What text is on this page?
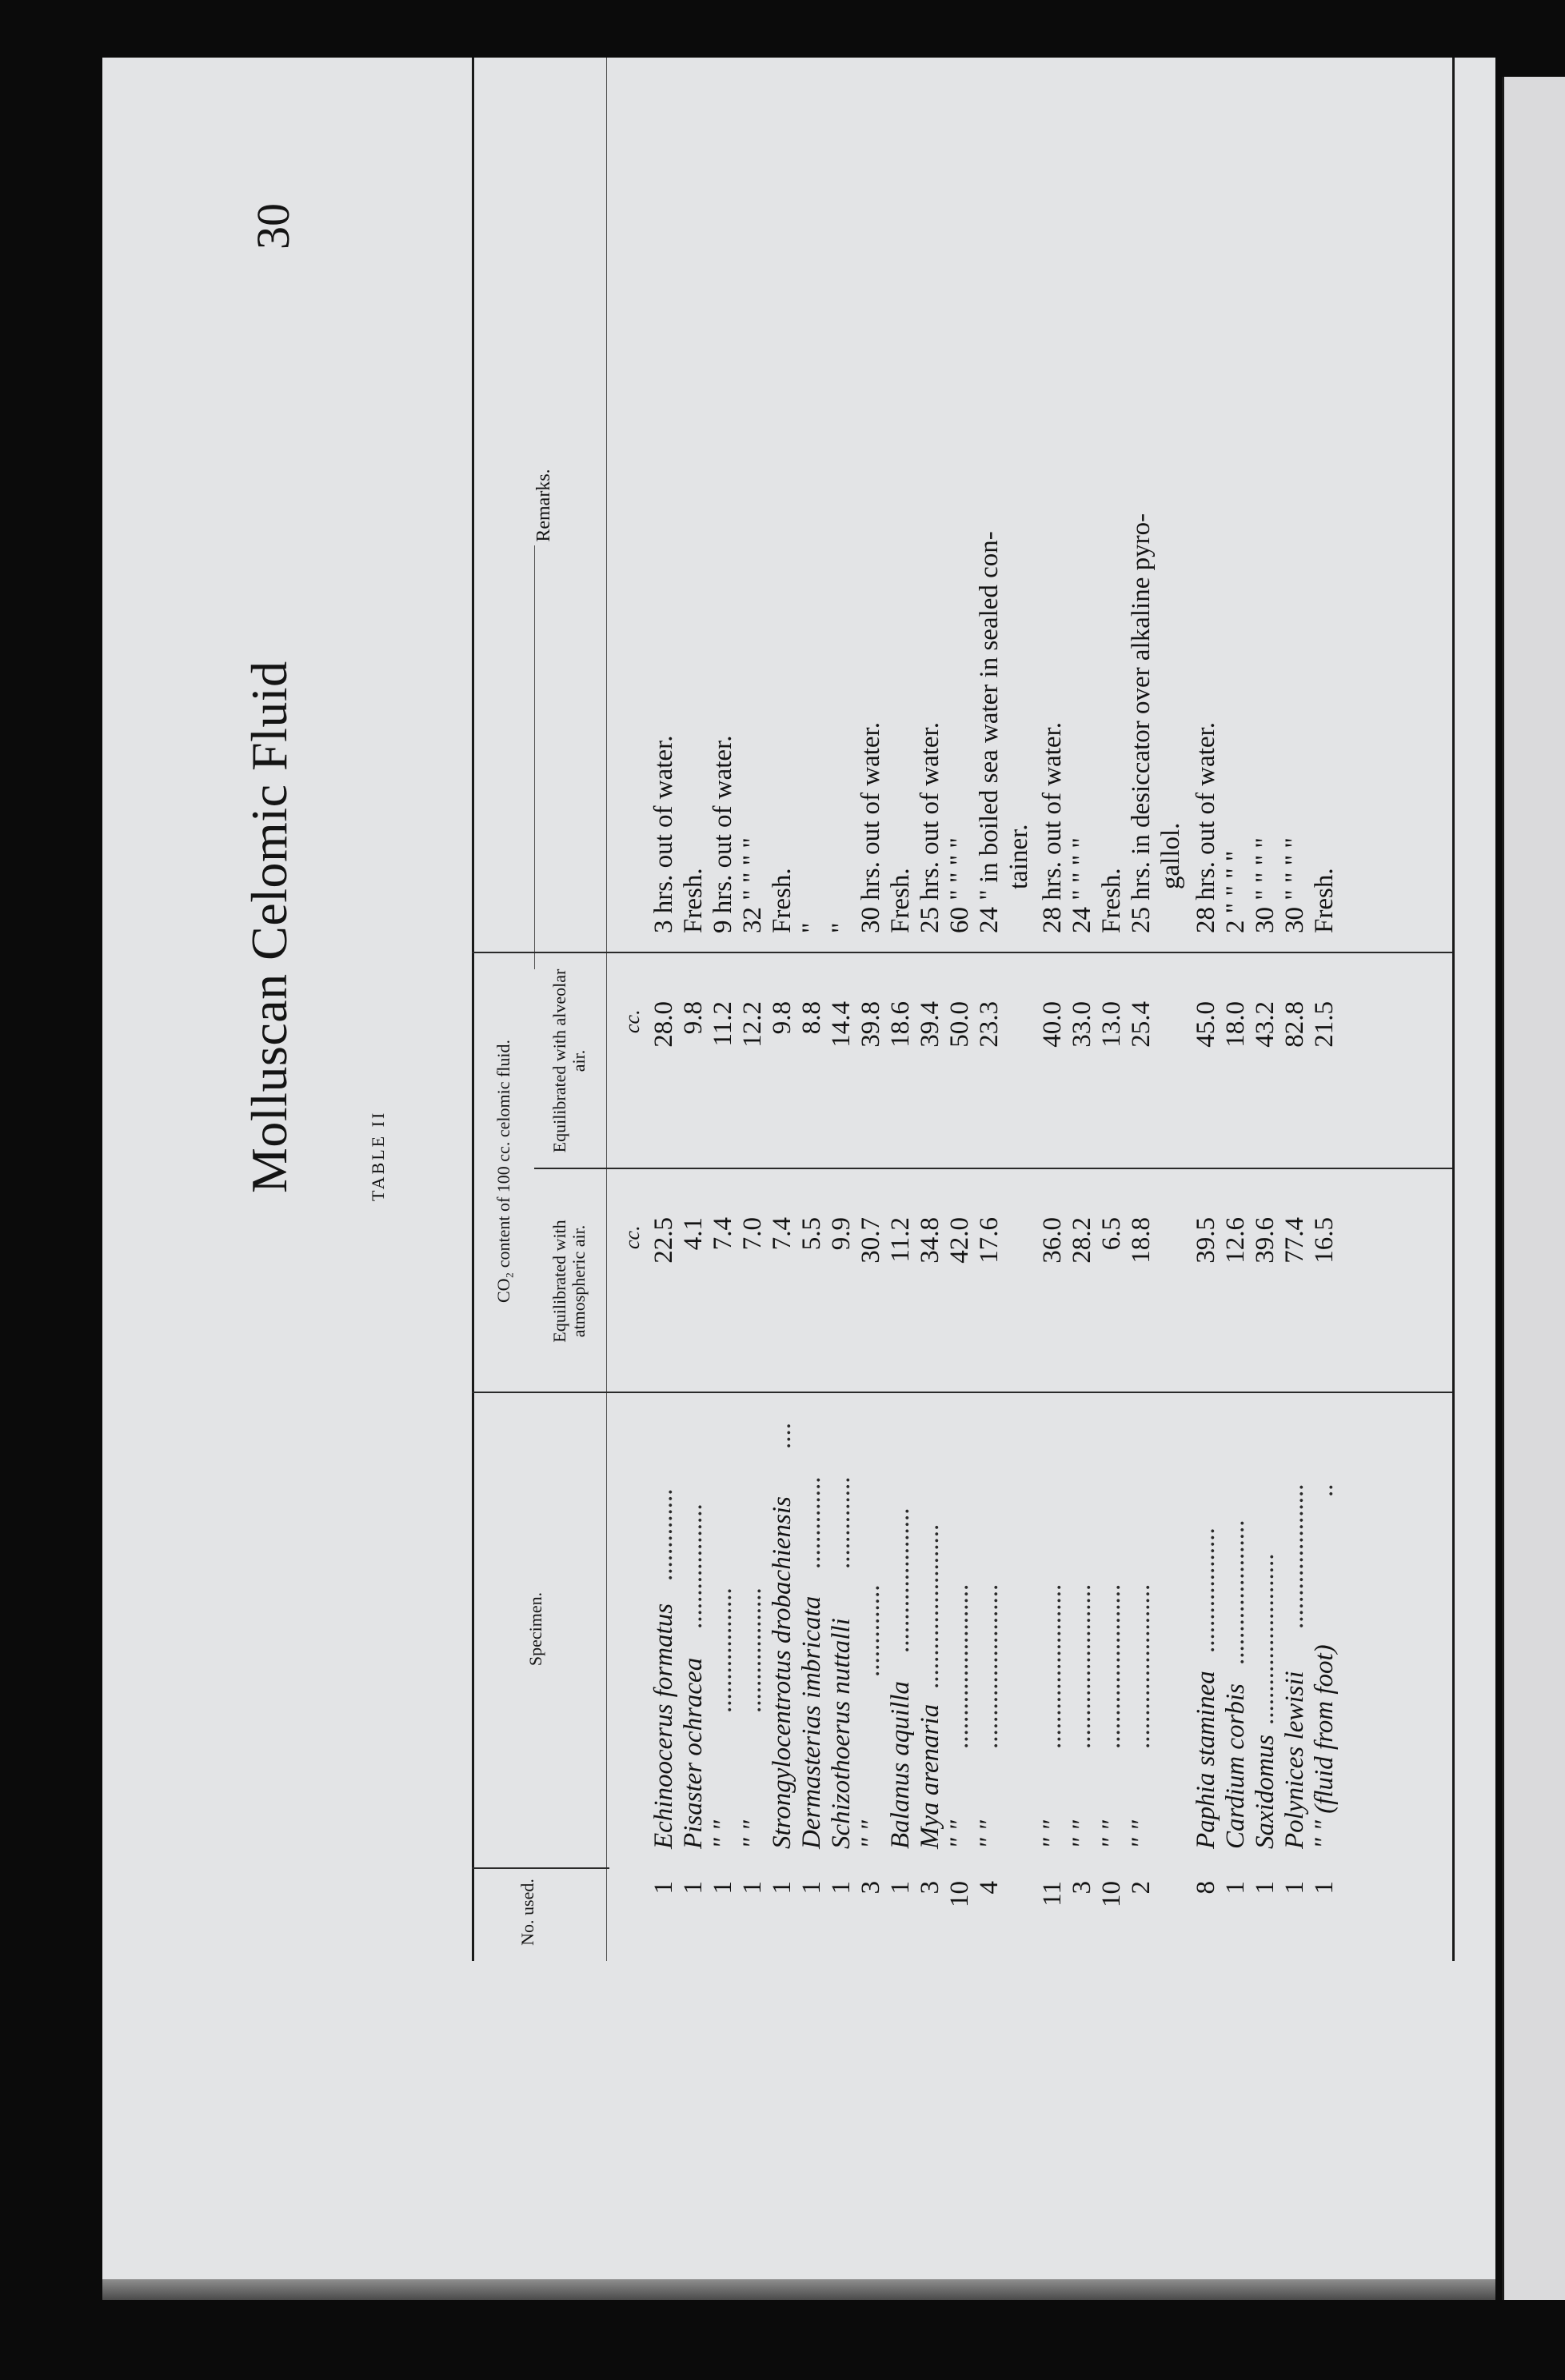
30
Molluscan Celomic Fluid	TABLE II
No. used.
Specimen.
CO₂ content of 100 cc. celomic fluid. Equilibrated with atmospheric air.
Equilibrated with alveolar air.
Remarks.
cc.
cc.
1
Echinoocerus formatus
..............
22.5
28.0
3 hrs. out of water.
1
Pisaster ochracea
...................
4.1
9.8
Fresh.
1
" "
...................
7.4
11.2
9 hrs. out of water.
1
" "
...................
7.0
12.2
32 " " " "
1
Strongylocentrotus drobachiensis
....
7.4
9.8
Fresh.
1
Dermasterias imbricata
..............
5.5
8.8
"
1
Schizothoerus nuttalli
..............
9.9
14.4
"
3
" "
..............
30.7
39.8
30 hrs. out of water.
1
Balanus aquilla
......................
11.2
18.6
Fresh.
3
Mya arenaria
.........................
34.8
39.4
25 hrs. out of water.
10
" "
.........................
42.0
50.0
60 " " " "
4
" "
.........................
17.6
23.3
24 " in boiled sea water in sealed con- tainer.
11
" "
.........................
36.0
40.0
28 hrs. out of water.
3
" "
.........................
28.2
33.0
24 " " " "
10
" "
.........................
6.5
13.0
Fresh.
2
" "
.........................
18.8
25.4
25 hrs. in desiccator over alkaline pyro- gallol.
8
Paphia staminea
...................
39.5
45.0
28 hrs. out of water.
1
Cardium corbis
......................
12.6
18.0
2 " " " "
1
Saxidomus
..........................
39.6
43.2
30 " " " "
1
Polynices lewisii
......................
77.4
82.8
30 " " " "
1
" " (fluid from foot)
..
16.5
21.5
Fresh.
